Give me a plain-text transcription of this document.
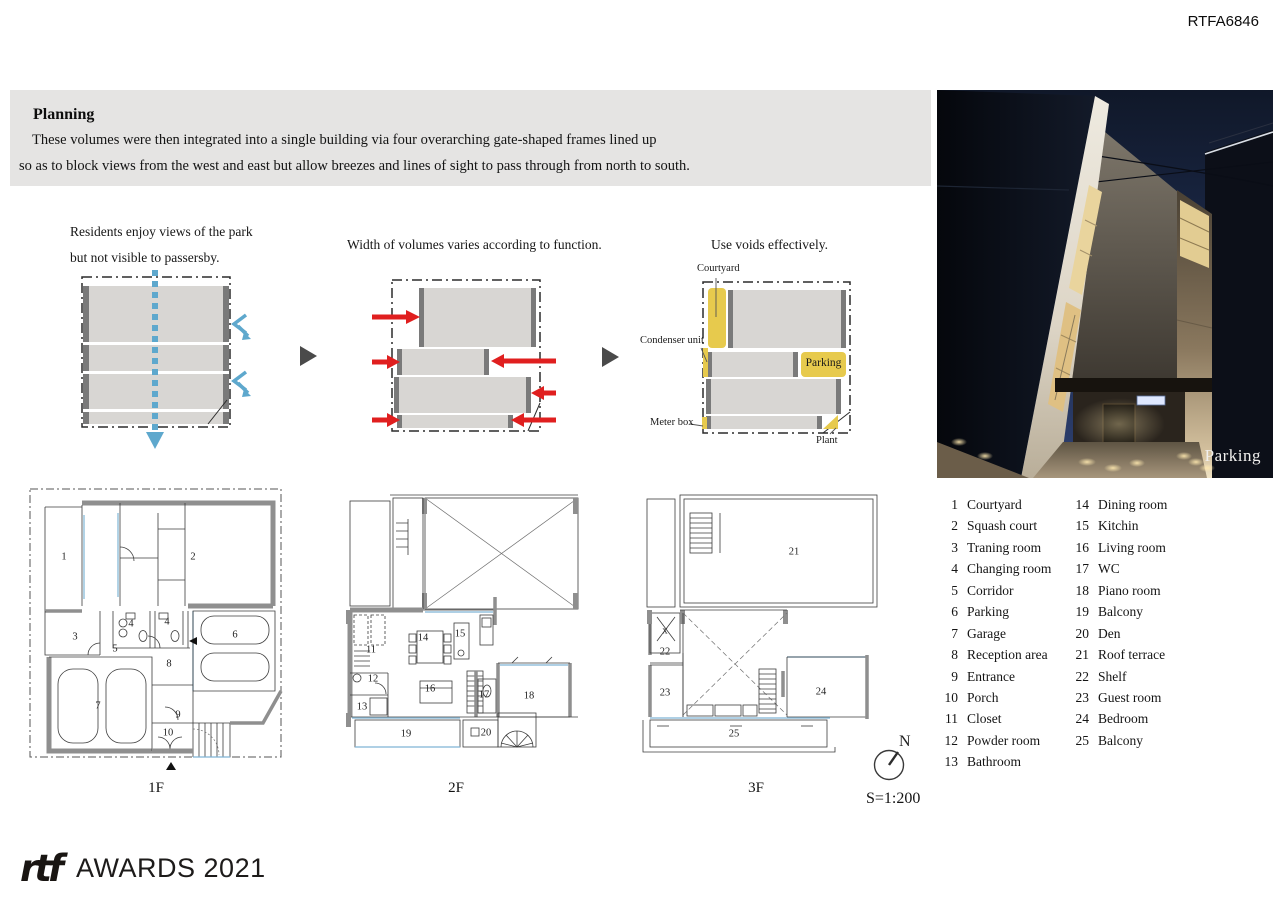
RTFA6846
Planning
These volumes were then integrated into a single building via four overarching gate-shaped frames lined up
so as to block views from the west and east but allow breezes and lines of sight to pass through from north to south.
Residents enjoy views of the park
but not visible to passersby.
Width of volumes varies according to function.	Use voids effectively.
Courtyard
Condenser unit
Meter box
Plant
Parking
Parking
1	2
3
4	4
5
6
7
8
9
10
11
12
13
14	15
16
17	18
19	20
21
x
22
23	24
25
1F	2F	3F
1 Courtyard
2 Squash court
3 Traning room
4 Changing room
5 Corridor
6 Parking
7 Garage
8 Reception area
9 Entrance
10 Porch
11 Closet
12 Powder room
13 Bathroom
14 Dining room
15 Kitchin
16 Living room
17 WC
18 Piano room
19 Balcony
20 Den
21 Roof terrace
22 Shelf
23 Guest room
24 Bedroom
25 Balcony
N
S=1:200
rtf AWARDS 2021
